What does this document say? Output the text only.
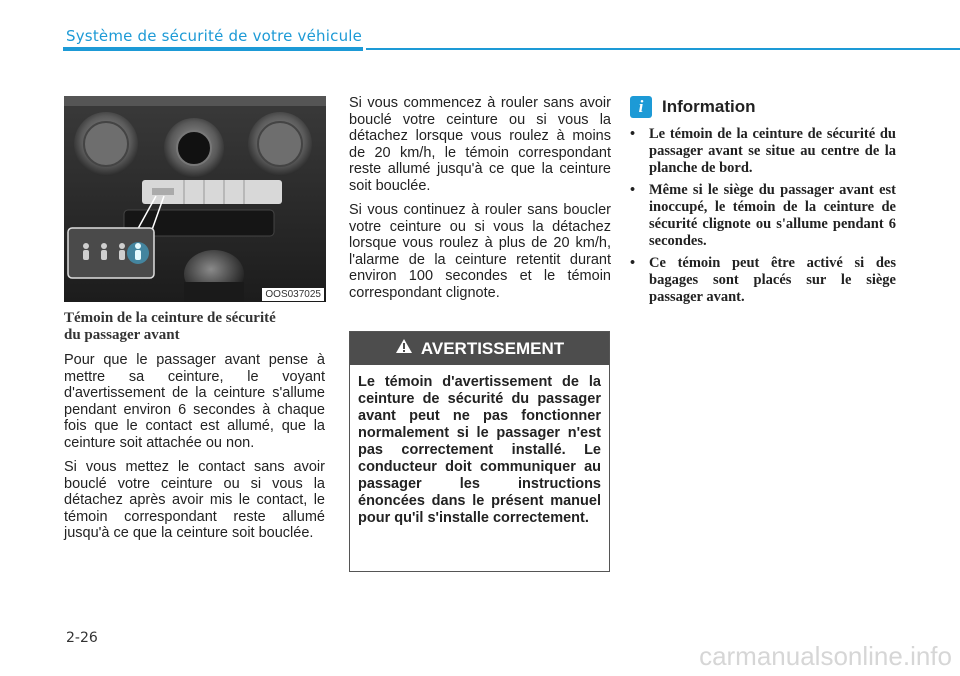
Système de sécurité de votre véhicule
OOS037025
Témoin de la ceinture de sécurité
du passager avant

Pour que le passager avant pense à mettre sa ceinture, le voyant d'avertissement de la ceinture s'allume pendant environ 6 secondes à chaque fois que le contact est allumé, que la ceinture soit attachée ou non.

Si vous mettez le contact sans avoir bouclé votre ceinture ou si vous la détachez après avoir mis le contact, le témoin correspondant reste allumé jusqu'à ce que la ceinture soit bouclée.

Si vous commencez à rouler sans avoir bouclé votre ceinture ou si vous la détachez lorsque vous roulez à moins de 20 km/h, le témoin correspondant reste allumé jusqu'à ce que la ceinture soit bouclée.

Si vous continuez à rouler sans boucler votre ceinture ou si vous la détachez lorsque vous roulez à plus de 20 km/h, l'alarme de la ceinture retentit durant environ 100 secondes et le témoin correspondant clignote.

AVERTISSEMENT
Le témoin d'avertissement de la ceinture de sécurité du passager avant peut ne pas fonctionner normalement si le passager n'est pas correctement installé. Le conducteur doit communiquer au passager les instructions énoncées dans le présent manuel pour qu'il s'installe correctement.
i	Information
• Le témoin de la ceinture de sécurité du passager avant se situe au centre de la planche de bord.
• Même si le siège du passager avant est inoccupé, le témoin de la ceinture de sécurité clignote ou s'allume pendant 6 secondes.
• Ce témoin peut être activé si des bagages sont placés sur le siège passager avant.
2-26
carmanualsonline.info
